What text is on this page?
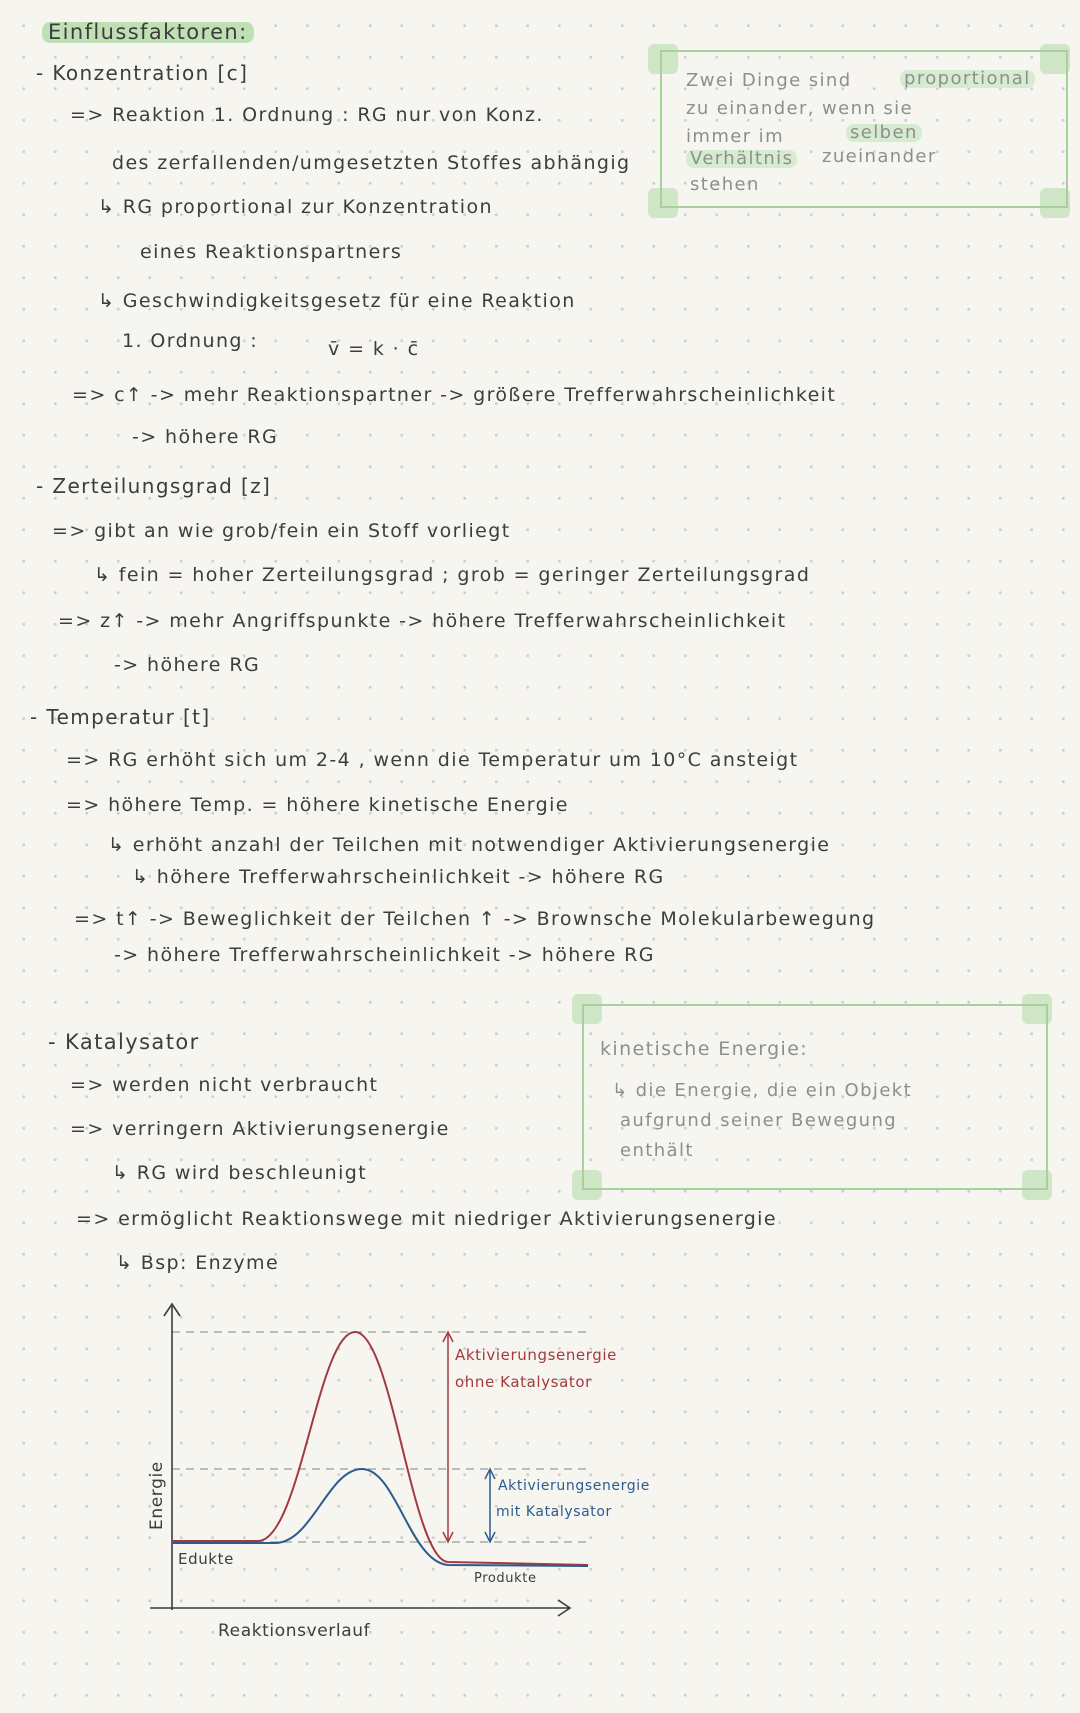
Einflussfaktoren:
- Konzentration [c]
=> Reaktion 1. Ordnung : RG nur von Konz.
des zerfallenden/umgesetzten Stoffes abhängig
↳ RG proportional zur Konzentration
eines Reaktionspartners
↳ Geschwindigkeitsgesetz für eine Reaktion
1. Ordnung :	v̄ = k · c̄
=> c↑ -> mehr Reaktionspartner -> größere Trefferwahrscheinlichkeit
-> höhere RG
- Zerteilungsgrad [z]
=> gibt an wie grob/fein ein Stoff vorliegt
↳ fein = hoher Zerteilungsgrad ; grob = geringer Zerteilungsgrad
=> z↑ -> mehr Angriffspunkte -> höhere Trefferwahrscheinlichkeit
-> höhere RG
- Temperatur [t]
=> RG erhöht sich um 2-4 , wenn die Temperatur um 10°C ansteigt
=> höhere Temp. = höhere kinetische Energie
↳ erhöht anzahl der Teilchen mit notwendiger Aktivierungsenergie
↳ höhere Trefferwahrscheinlichkeit -> höhere RG
=> t↑ -> Beweglichkeit der Teilchen ↑ -> Brownsche Molekularbewegung
-> höhere Trefferwahrscheinlichkeit -> höhere RG
- Katalysator
=> werden nicht verbraucht
=> verringern Aktivierungsenergie
↳ RG wird beschleunigt
=> ermöglicht Reaktionswege mit niedriger Aktivierungsenergie
↳ Bsp: Enzyme
Zwei Dinge sind	proportional
zu einander, wenn sie
immer im	selben
Verhältnis zueinander
stehen
kinetische Energie:
↳ die Energie, die ein Objekt
aufgrund seiner Bewegung
enthält
Aktivierungsenergie
ohne Katalysator
Aktivierungsenergie
mit Katalysator
Edukte
Produkte
Reaktionsverlauf
Energie
